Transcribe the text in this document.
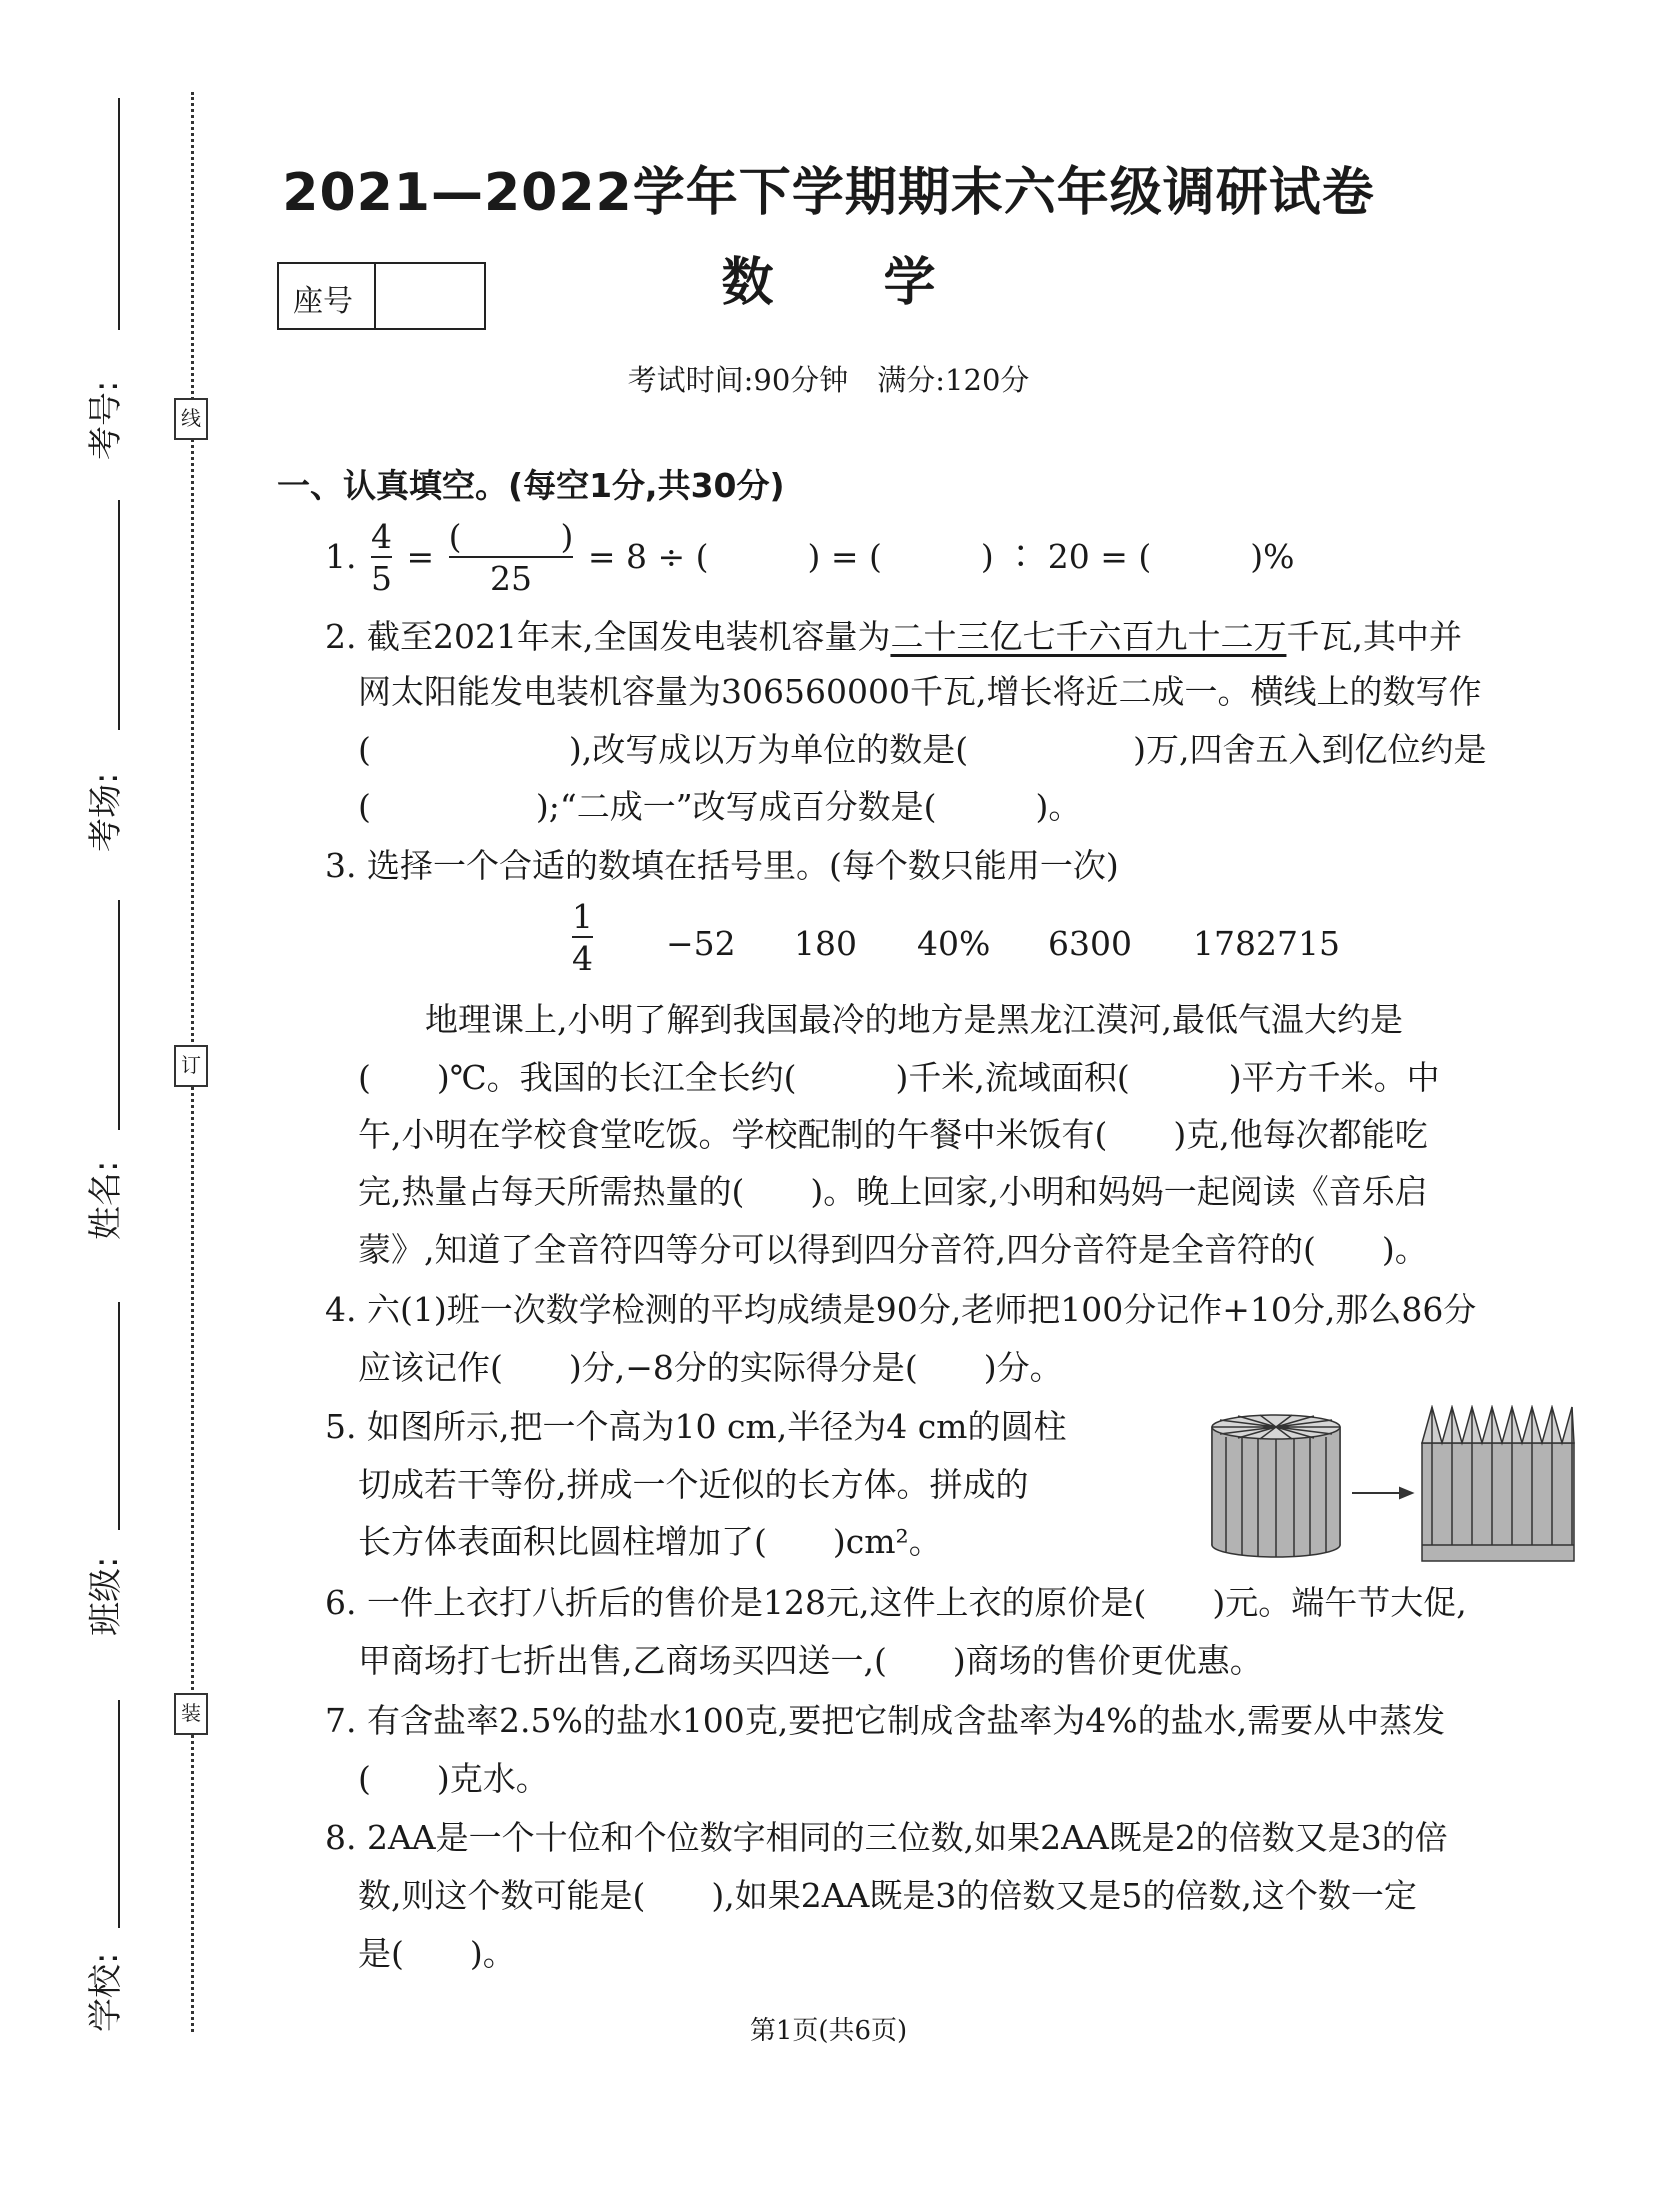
考号:
考场:
姓名:
班级:
学校:
线
订
装
2021—2022学年下学期期末六年级调研试卷
数学
座号
考试时间:90分钟　满分:120分
一、认真填空。(每空1分,共30分)
1. $\frac{4}{5} = \frac{( )}{25} = 8$ ÷ (　　　) = (　　　) ∶ 20 = (　　　)%
2. 截至2021年末,全国发电装机容量为二十三亿七千六百九十二万千瓦,其中并
网太阳能发电装机容量为306560000千瓦,增长将近二成一。横线上的数写作
(　　　　　　),改写成以万为单位的数是(　　　　　)万,四舍五入到亿位约是
(　　　　　);“二成一”改写成百分数是(　　　)。
3. 选择一个合适的数填在括号里。(每个数只能用一次)
$\frac{1}{4} -52$ 180 40% 6300 1782715
地理课上,小明了解到我国最冷的地方是黑龙江漠河,最低气温大约是
(　　)℃。我国的长江全长约(　　　)千米,流域面积(　　　)平方千米。中
午,小明在学校食堂吃饭。学校配制的午餐中米饭有(　　)克,他每次都能吃
完,热量占每天所需热量的(　　)。晚上回家,小明和妈妈一起阅读《音乐启
蒙》,知道了全音符四等分可以得到四分音符,四分音符是全音符的(　　)。
4. 六(1)班一次数学检测的平均成绩是90分,老师把100分记作+10分,那么86分
应该记作(　　)分,−8分的实际得分是(　　)分。
5. 如图所示,把一个高为10 cm,半径为4 cm的圆柱
切成若干等份,拼成一个近似的长方体。拼成的
长方体表面积比圆柱增加了(　　)cm²。
6. 一件上衣打八折后的售价是128元,这件上衣的原价是(　　)元。端午节大促,
甲商场打七折出售,乙商场买四送一,(　　)商场的售价更优惠。
7. 有含盐率2.5%的盐水100克,要把它制成含盐率为4%的盐水,需要从中蒸发
(　　)克水。
8. 2AA是一个十位和个位数字相同的三位数,如果2AA既是2的倍数又是3的倍
数,则这个数可能是(　　),如果2AA既是3的倍数又是5的倍数,这个数一定
是(　　)。
第1页(共6页)
